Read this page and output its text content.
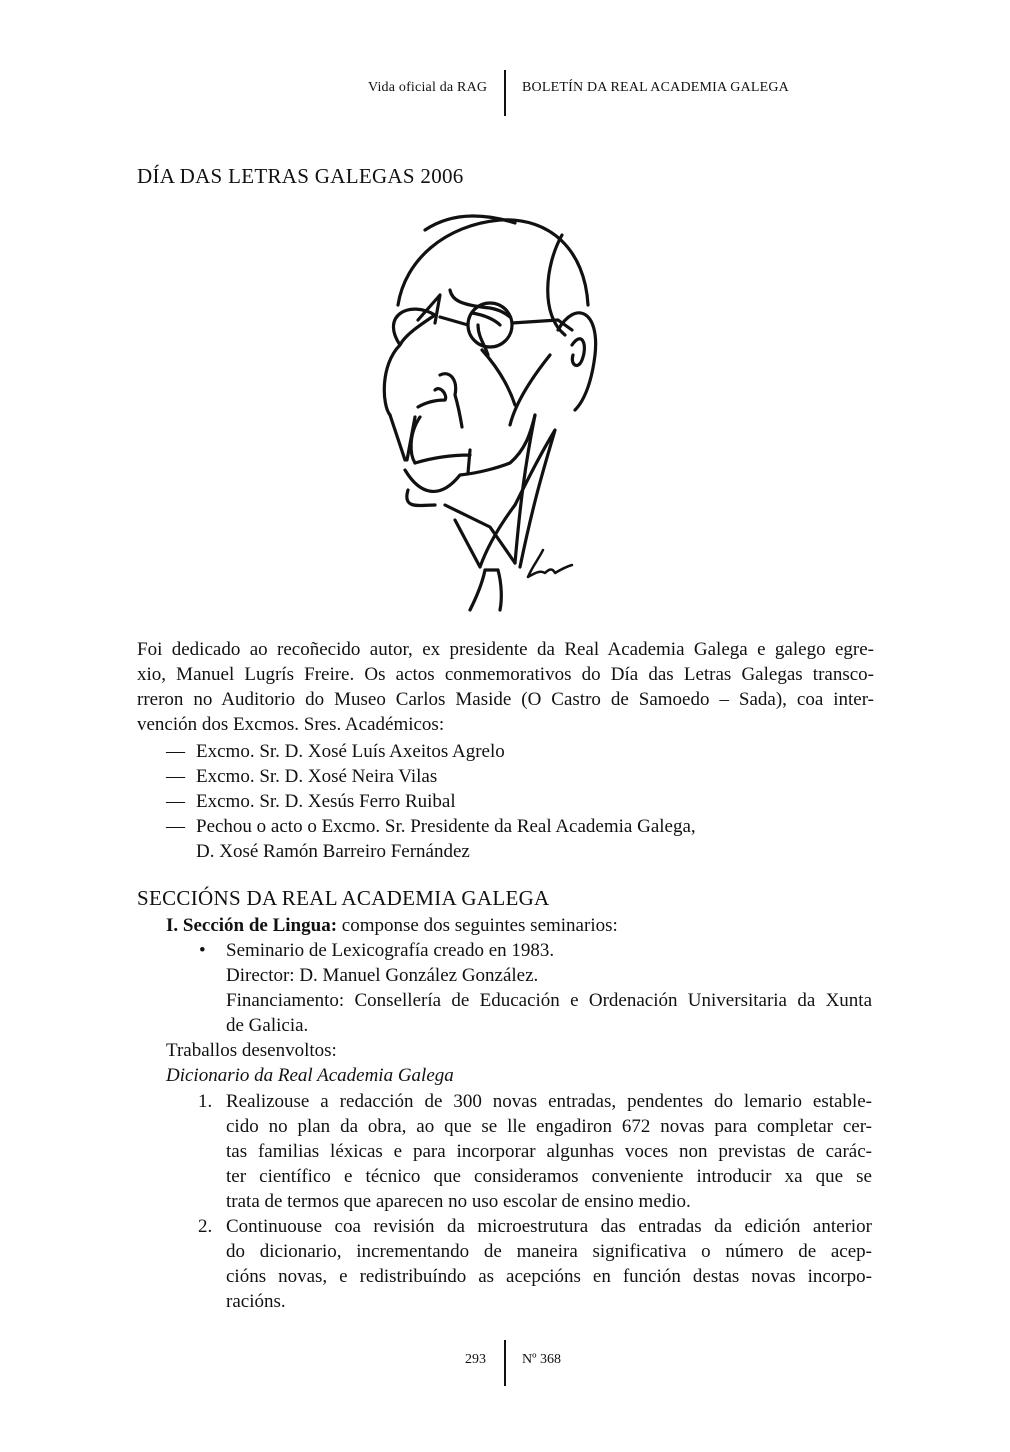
Vida oficial da RAG BOLETÍN DA REAL ACADEMIA GALEGA
DÍA DAS LETRAS GALEGAS 2006
Foi dedicado ao recoñecido autor, ex presidente da Real Academia Galega e galego egre-
xio, Manuel Lugrís Freire. Os actos conmemorativos do Día das Letras Galegas transco-
rreron no Auditorio do Museo Carlos Maside (O Castro de Samoedo – Sada), coa inter-
vención dos Excmos. Sres. Académicos:
— Excmo. Sr. D. Xosé Luís Axeitos Agrelo
— Excmo. Sr. D. Xosé Neira Vilas
— Excmo. Sr. D. Xesús Ferro Ruibal
— Pechou o acto o Excmo. Sr. Presidente da Real Academia Galega,
D. Xosé Ramón Barreiro Fernández
SECCIÓNS DA REAL ACADEMIA GALEGA
I. Sección de Lingua: componse dos seguintes seminarios:
• Seminario de Lexicografía creado en 1983.
Director: D. Manuel González González.
Financiamento: Consellería de Educación e Ordenación Universitaria da Xunta
de Galicia.
Traballos desenvoltos:
Dicionario da Real Academia Galega
1. Realizouse a redacción de 300 novas entradas, pendentes do lemario estable-
cido no plan da obra, ao que se lle engadiron 672 novas para completar cer-
tas familias léxicas e para incorporar algunhas voces non previstas de carác-
ter científico e técnico que consideramos conveniente introducir xa que se
trata de termos que aparecen no uso escolar de ensino medio.
2. Continuouse coa revisión da microestrutura das entradas da edición anterior
do dicionario, incrementando de maneira significativa o número de acep-
cións novas, e redistribuíndo as acepcións en función destas novas incorpo-
racións.
293	Nº 368
